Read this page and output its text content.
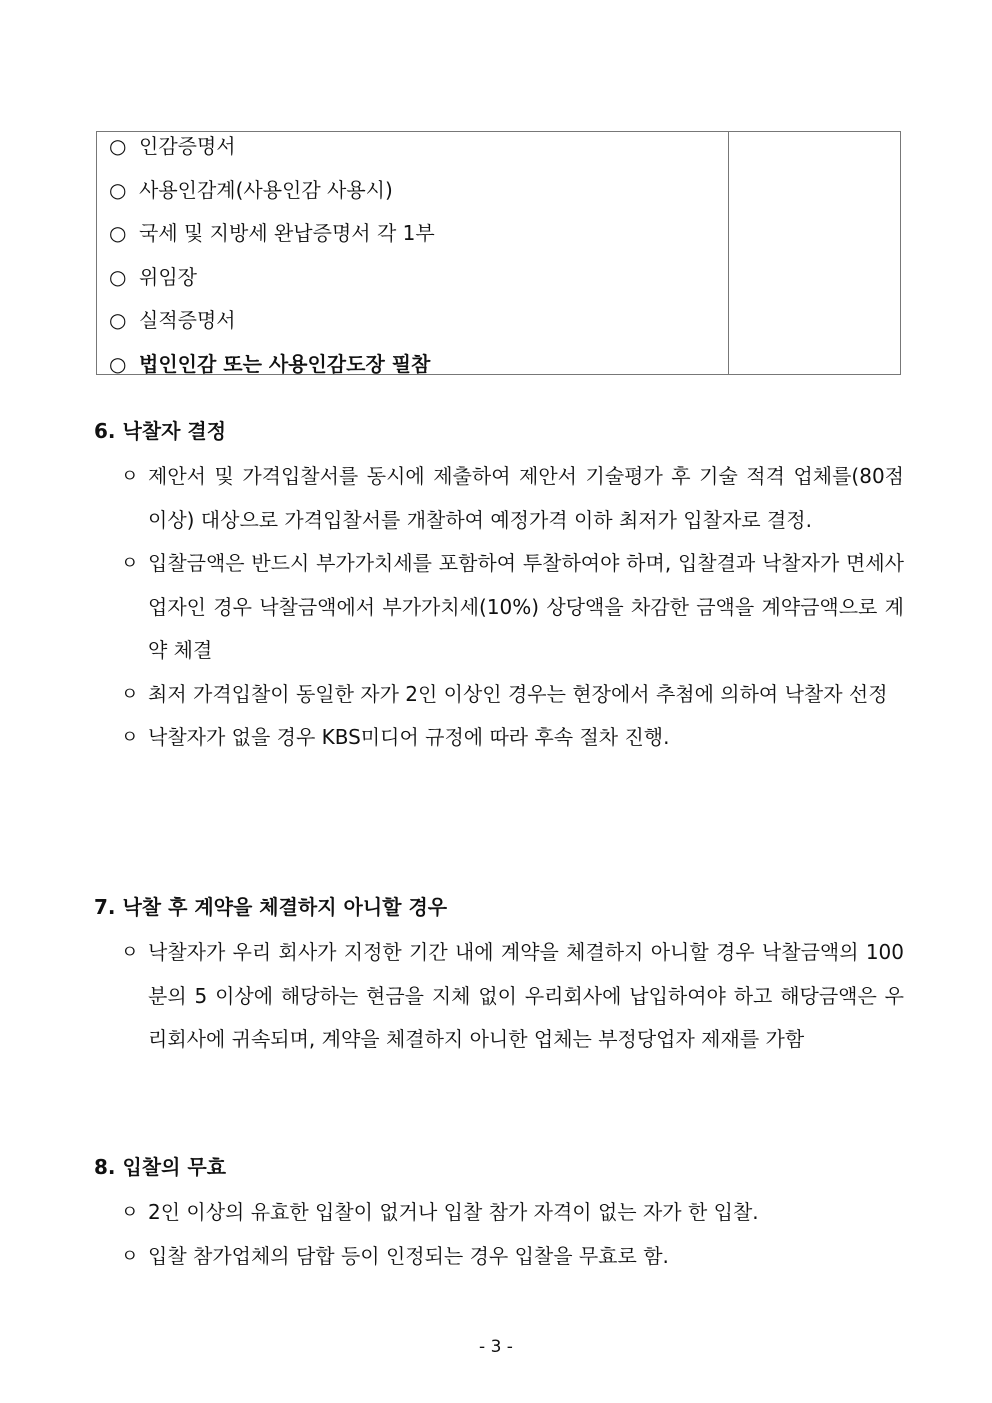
○ 인감증명서
○ 사용인감계(사용인감 사용시)
○ 국세 및 지방세 완납증명서 각 1부
○ 위임장
○ 실적증명서
○ 법인인감 또는 사용인감도장 필참
6. 낙찰자 결정
ㅇ 제안서 및 가격입찰서를 동시에 제출하여 제안서 기술평가 후 기술 적격 업체를(80점 이상) 대상으로 가격입찰서를 개찰하여 예정가격 이하 최저가 입찰자로 결정.
ㅇ 입찰금액은 반드시 부가가치세를 포함하여 투찰하여야 하며, 입찰결과 낙찰자가 면세사업자인 경우 낙찰금액에서 부가가치세(10%) 상당액을 차감한 금액을 계약금액으로 계약 체결
ㅇ 최저 가격입찰이 동일한 자가 2인 이상인 경우는 현장에서 추첨에 의하여 낙찰자 선정
ㅇ 낙찰자가 없을 경우 KBS미디어 규정에 따라 후속 절차 진행.
7. 낙찰 후 계약을 체결하지 아니할 경우
ㅇ 낙찰자가 우리 회사가 지정한 기간 내에 계약을 체결하지 아니할 경우 낙찰금액의 100분의 5 이상에 해당하는 현금을 지체 없이 우리회사에 납입하여야 하고 해당금액은 우리회사에 귀속되며, 계약을 체결하지 아니한 업체는 부정당업자 제재를 가함
8. 입찰의 무효
ㅇ 2인 이상의 유효한 입찰이 없거나 입찰 참가 자격이 없는 자가 한 입찰.
ㅇ 입찰 참가업체의 담합 등이 인정되는 경우 입찰을 무효로 함.
- 3 -
